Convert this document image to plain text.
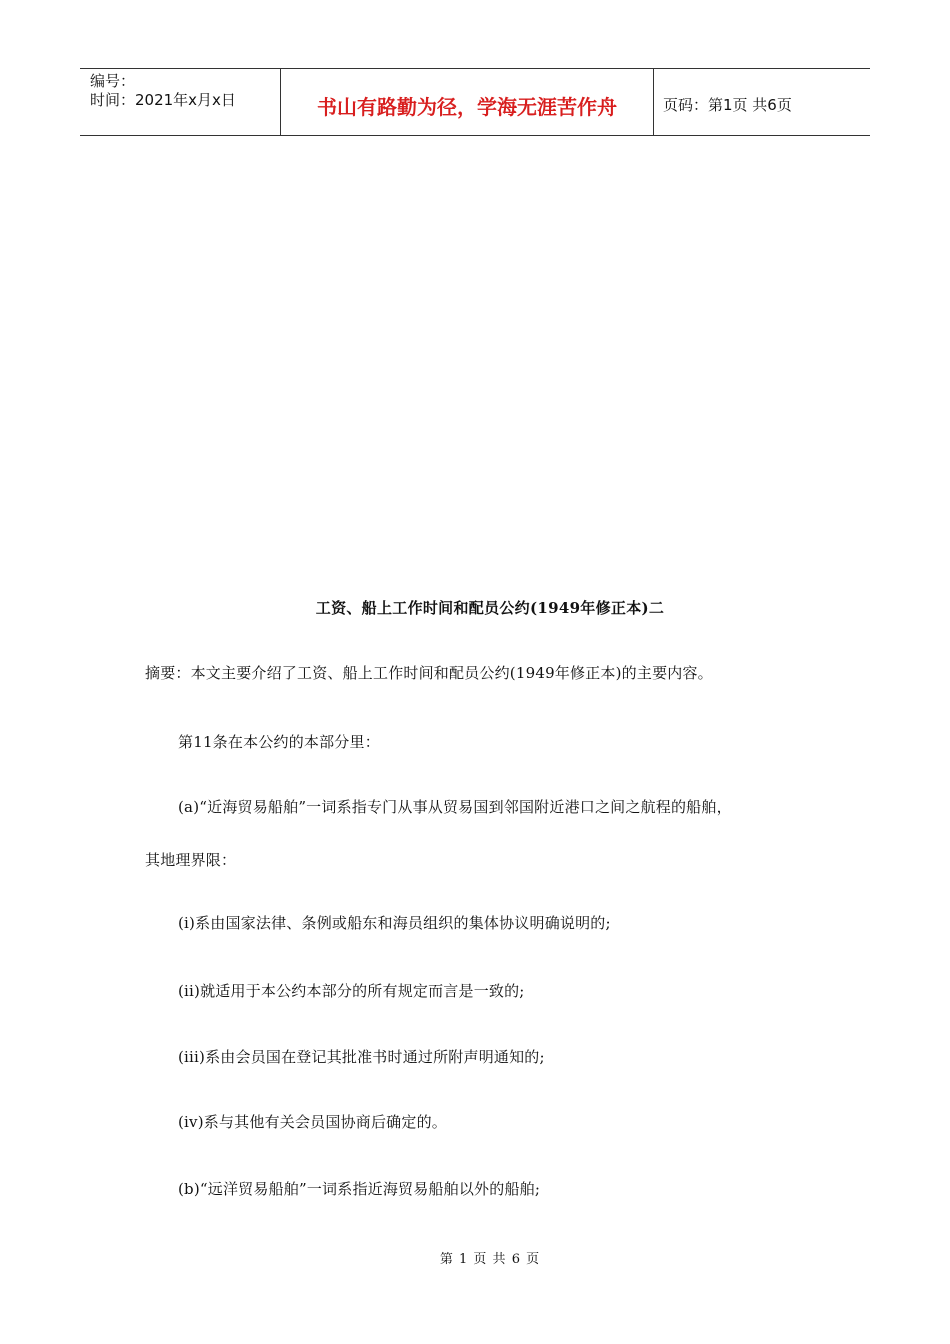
编号：
时间：2021年x月x日	书山有路勤为径，学海无涯苦作舟	页码：第1页 共6页
工资、船上工作时间和配员公约(1949年修正本)二
摘要：本文主要介绍了工资、船上工作时间和配员公约(1949年修正本)的主要内容。
第11条在本公约的本部分里：
(a)“近海贸易船舶”一词系指专门从事从贸易国到邻国附近港口之间之航程的船舶，
其地理界限：
(i)系由国家法律、条例或船东和海员组织的集体协议明确说明的;
(ii)就适用于本公约本部分的所有规定而言是一致的;
(iii)系由会员国在登记其批准书时通过所附声明通知的;
(iv)系与其他有关会员国协商后确定的。
(b)“远洋贸易船舶”一词系指近海贸易船舶以外的船舶;
第 1 页 共 6 页
